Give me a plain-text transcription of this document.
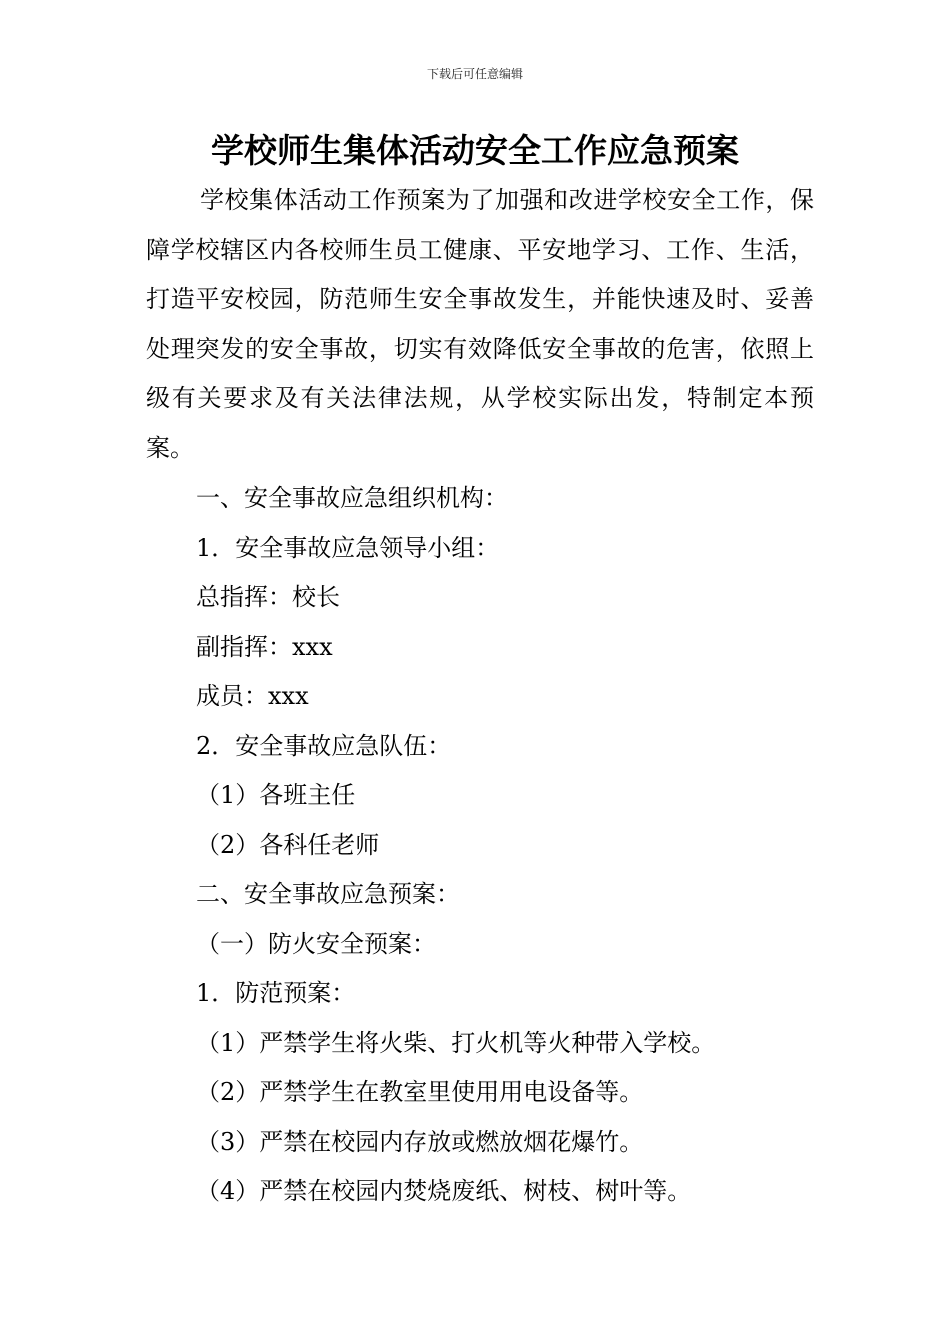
下载后可任意编辑
学校师生集体活动安全工作应急预案

学校集体活动工作预案为了加强和改进学校安全工作，保障学校辖区内各校师生员工健康、平安地学习、工作、生活，打造平安校园，防范师生安全事故发生，并能快速及时、妥善处理突发的安全事故，切实有效降低安全事故的危害，依照上级有关要求及有关法律法规，从学校实际出发，特制定本预案。

一、安全事故应急组织机构：
1．安全事故应急领导小组：
总指挥：校长
副指挥：xxx
成员：xxx
2．安全事故应急队伍：
（1）各班主任
（2）各科任老师
二、安全事故应急预案：
（一）防火安全预案：
1．防范预案：
（1）严禁学生将火柴、打火机等火种带入学校。
（2）严禁学生在教室里使用用电设备等。
（3）严禁在校园内存放或燃放烟花爆竹。
（4）严禁在校园内焚烧废纸、树枝、树叶等。
